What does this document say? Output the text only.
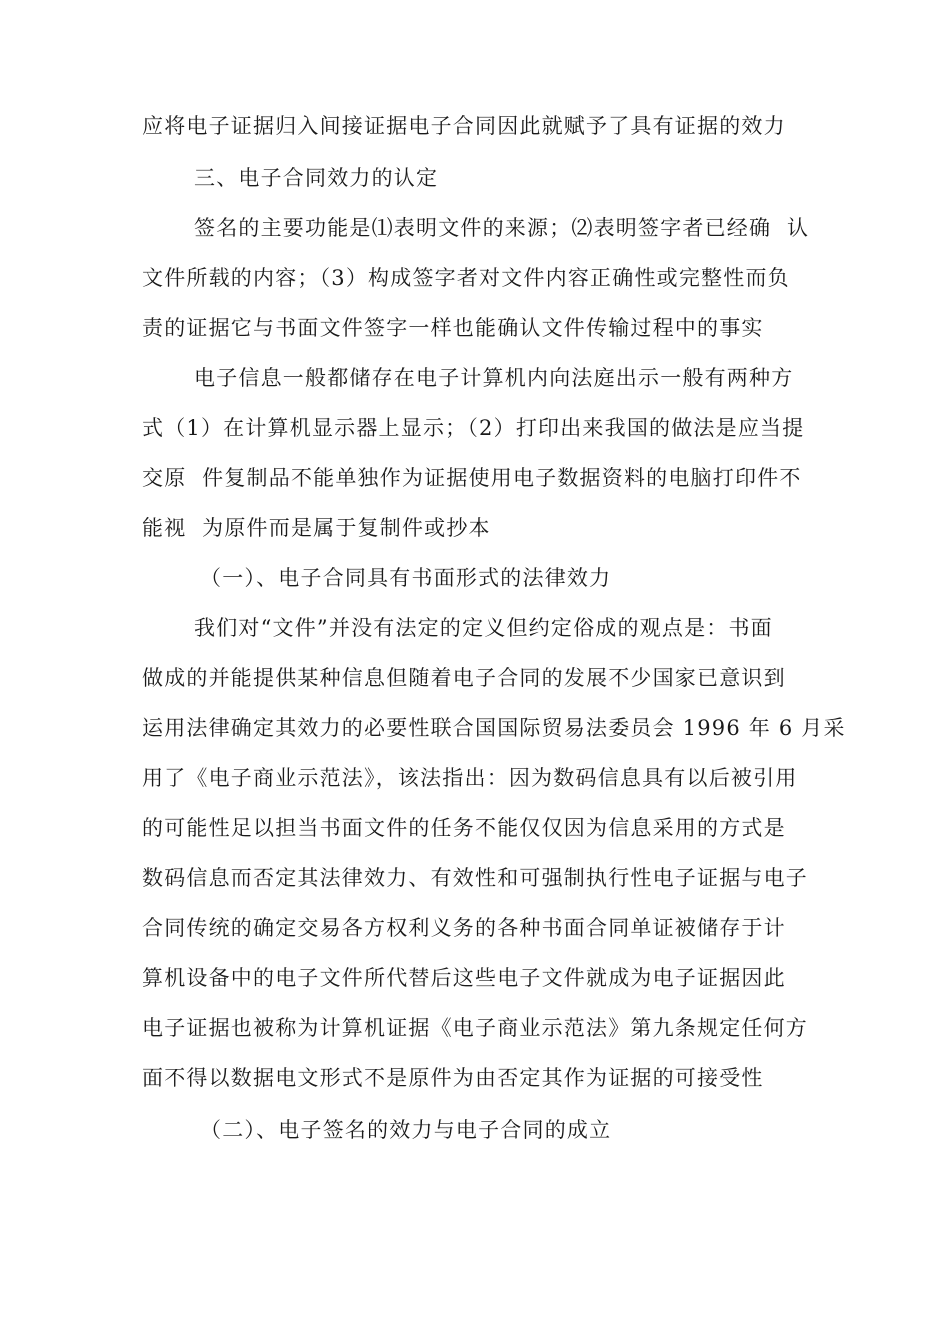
应将电子证据归入间接证据电子合同因此就赋予了具有证据的效力
三、电子合同效力的认定
签名的主要功能是⑴表明文件的来源；⑵表明签字者已经确  认
文件所载的内容；（3）构成签字者对文件内容正确性或完整性而负
责的证据它与书面文件签字一样也能确认文件传输过程中的事实
电子信息一般都储存在电子计算机内向法庭出示一般有两种方
式（1）在计算机显示器上显示；（2）打印出来我国的做法是应当提
交原  件复制品不能单独作为证据使用电子数据资料的电脑打印件不
能视  为原件而是属于复制件或抄本
（一）、电子合同具有书面形式的法律效力
我们对“文件”并没有法定的定义但约定俗成的观点是：书面
做成的并能提供某种信息但随着电子合同的发展不少国家已意识到
运用法律确定其效力的必要性联合国国际贸易法委员会 1996 年 6 月采
用了《电子商业示范法》，该法指出：因为数码信息具有以后被引用
的可能性足以担当书面文件的任务不能仅仅因为信息采用的方式是
数码信息而否定其法律效力、有效性和可强制执行性电子证据与电子
合同传统的确定交易各方权利义务的各种书面合同单证被储存于计
算机设备中的电子文件所代替后这些电子文件就成为电子证据因此
电子证据也被称为计算机证据《电子商业示范法》第九条规定任何方
面不得以数据电文形式不是原件为由否定其作为证据的可接受性
（二）、电子签名的效力与电子合同的成立
